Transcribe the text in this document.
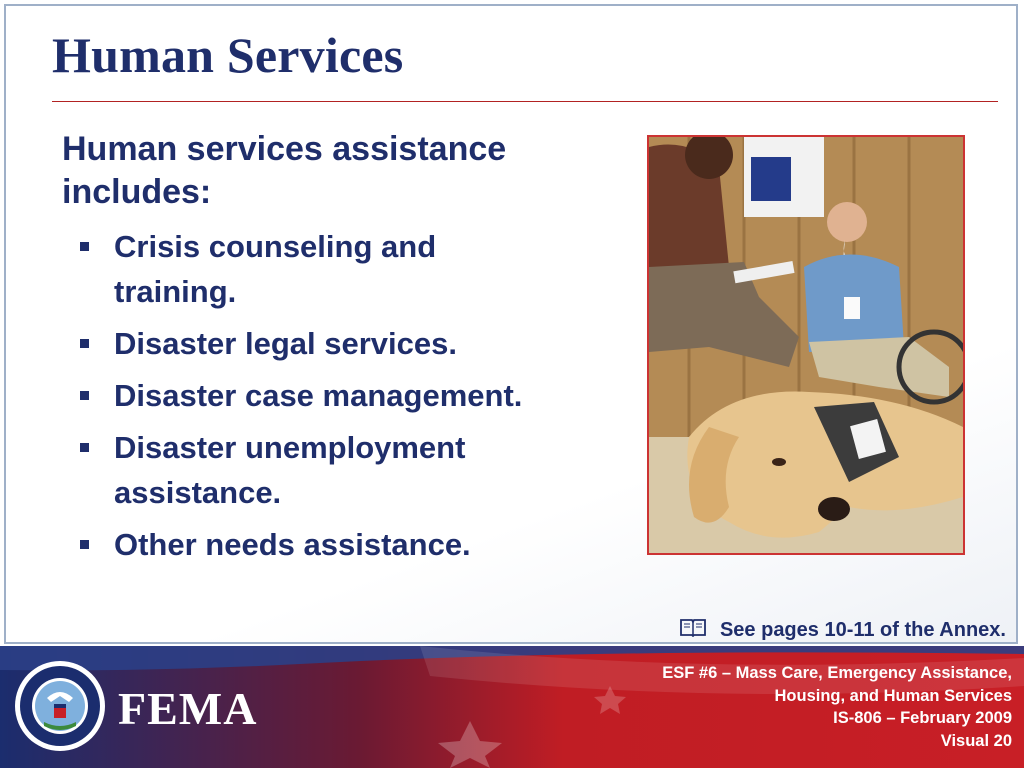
Human Services

Human services assistance includes:

Crisis counseling and training.
Disaster legal services.
Disaster case management.
Disaster unemployment assistance.
Other needs assistance.
See pages 10-11 of the Annex.
FEMA
ESF #6 – Mass Care, Emergency Assistance,
Housing, and Human Services
IS-806 – February 2009
Visual 20
